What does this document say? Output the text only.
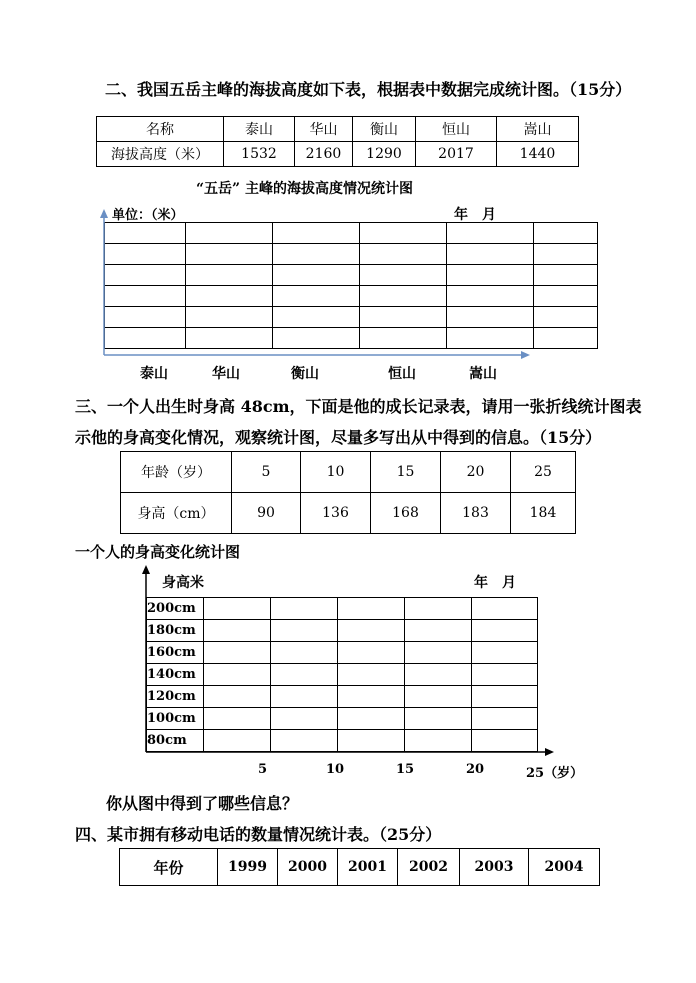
二、我国五岳主峰的海拔高度如下表，根据表中数据完成统计图。（15分）
名称	泰山	华山	衡山	恒山	嵩山
海拔高度（米）	1532	2160	1290	2017	1440
“五岳” 主峰的海拔高度情况统计图
单位：（米）	年　月

泰山	华山	衡山	恒山	嵩山
三、一个人出生时身高 48cm，下面是他的成长记录表，请用一张折线统计图表
示他的身高变化情况，观察统计图，尽量多写出从中得到的信息。（15分）
年龄（岁）	5	10	15	20	25
身高（cm）	90	136	168	183	184
一个人的身高变化统计图
身高米	年　月
200cm					
180cm					
160cm					
140cm					
120cm					
100cm					
80cm					
5	10	15	20	25（岁）
你从图中得到了哪些信息？
四、某市拥有移动电话的数量情况统计表。（25分）
年份	1999	2000	2001	2002	2003	2004
